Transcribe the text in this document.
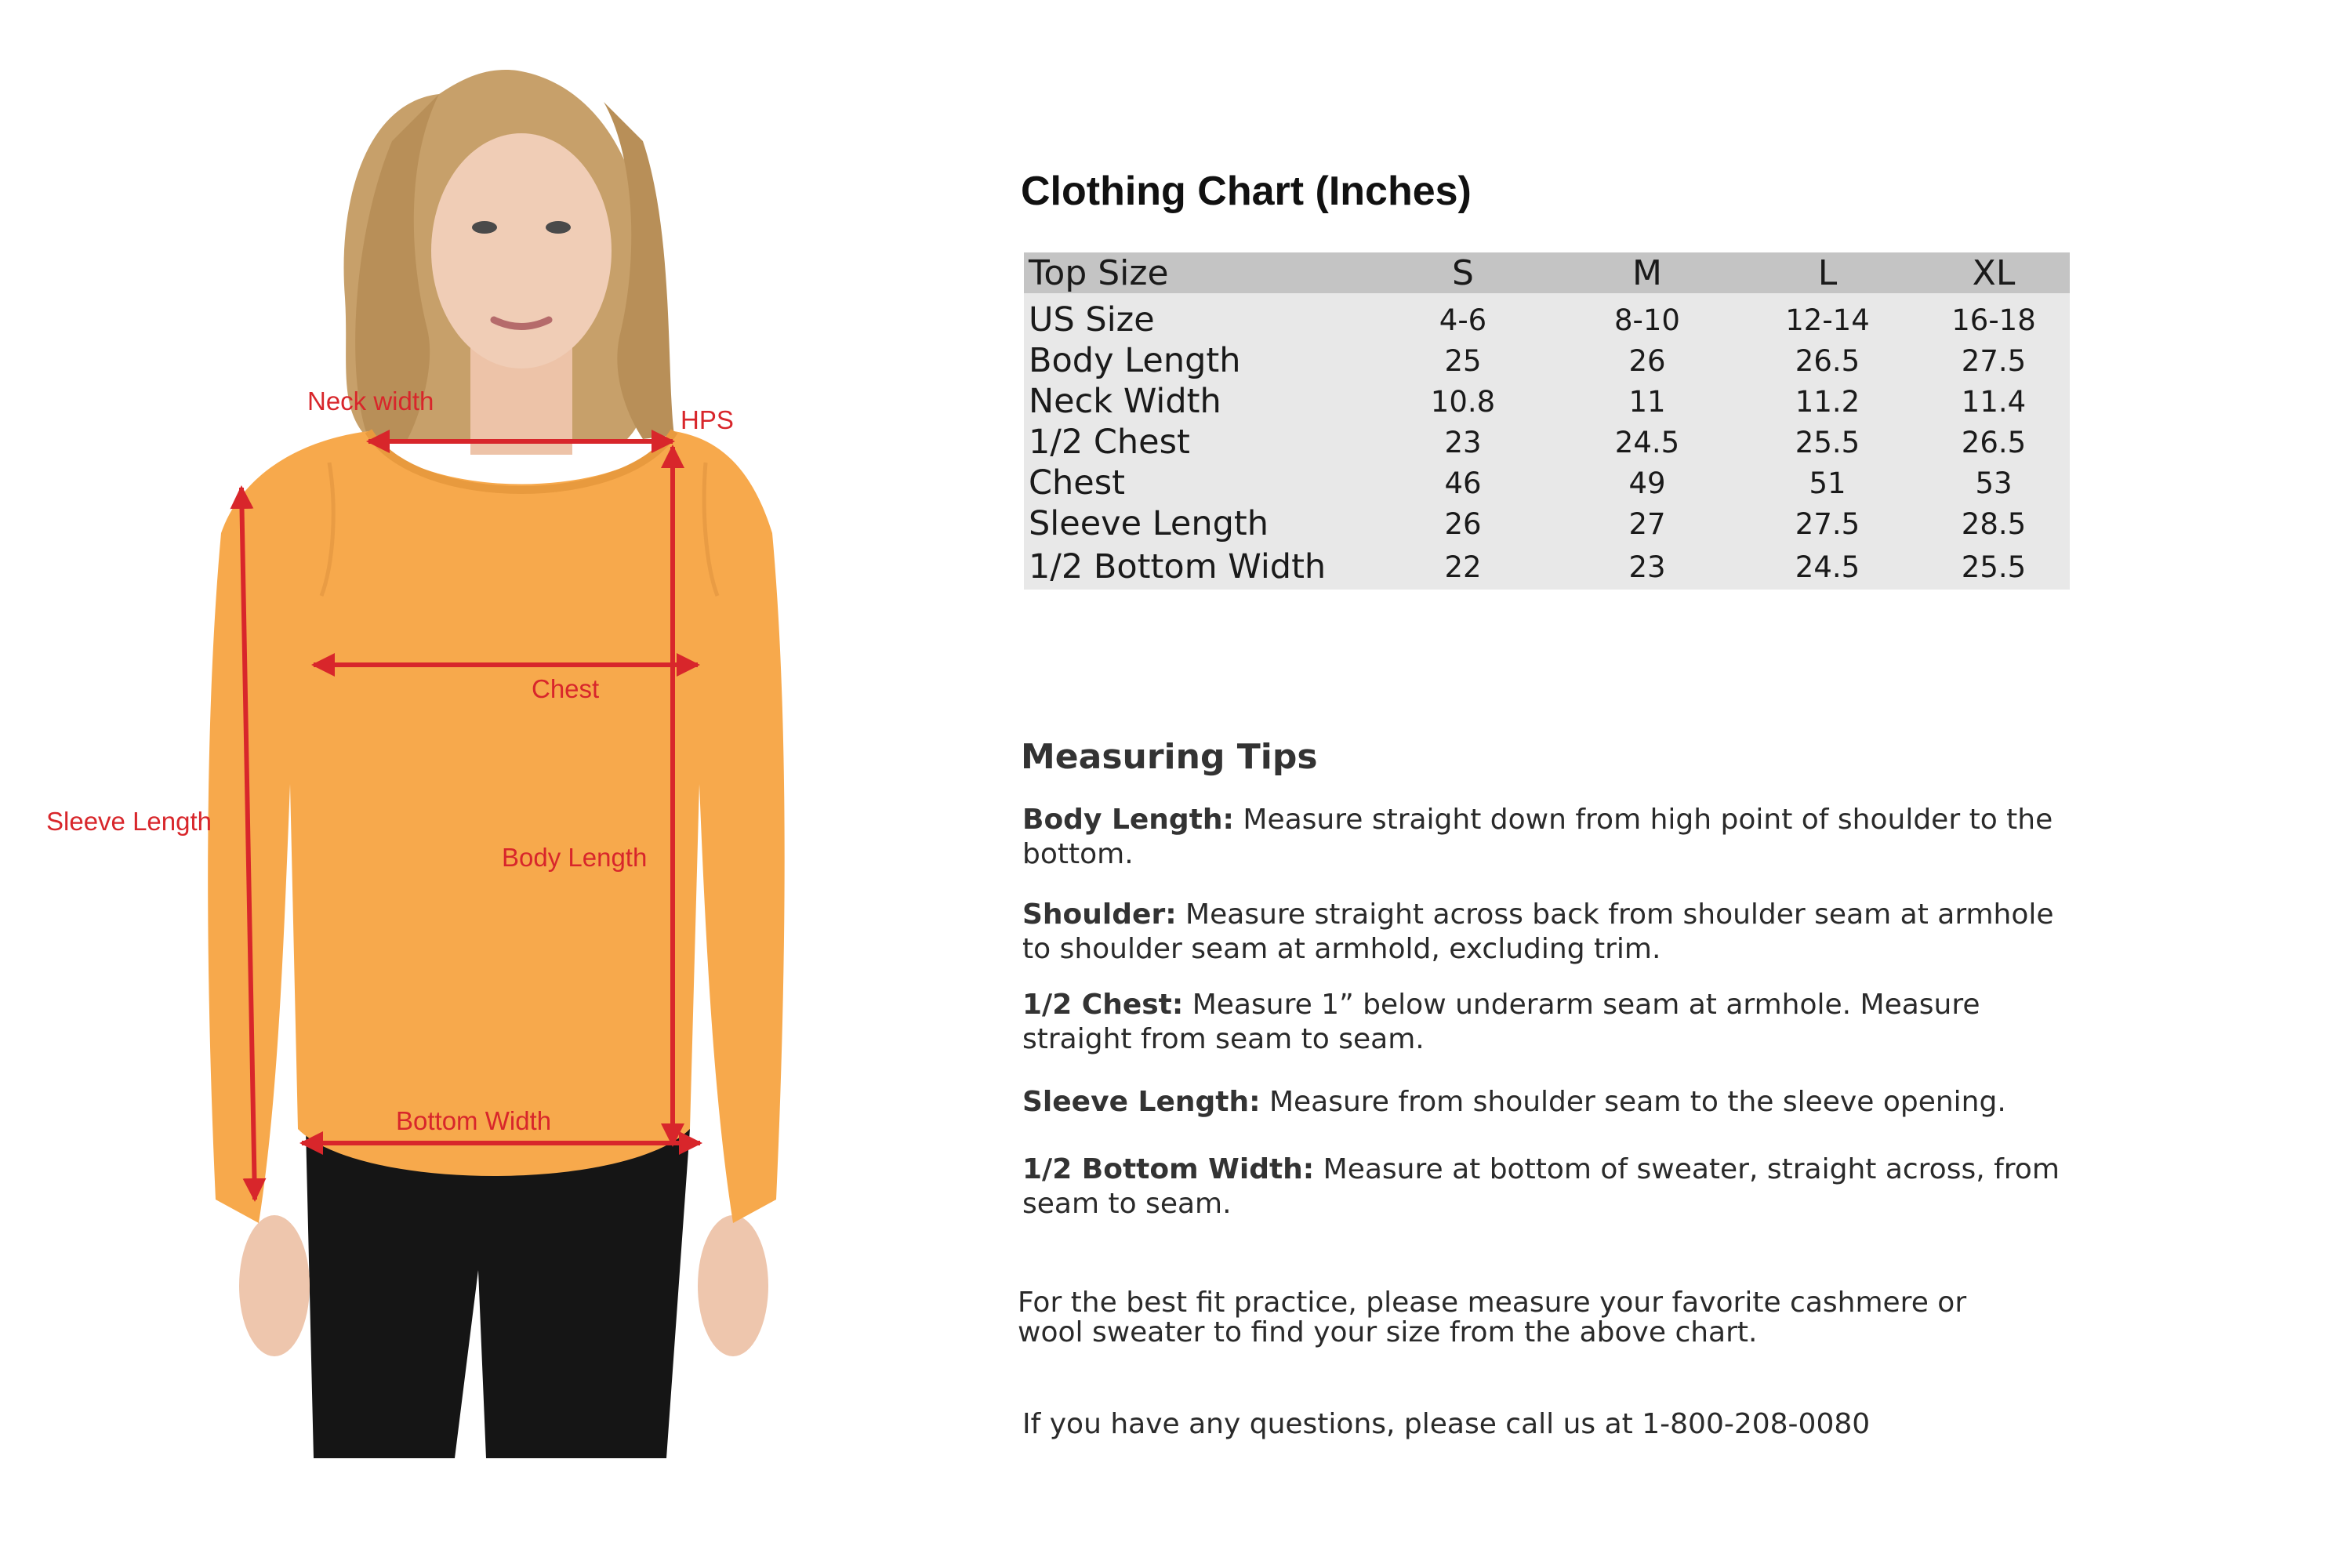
Neck width
HPS
Chest
Sleeve Length
Body Length
Bottom Width
Clothing Chart (Inches)
Top Size	S	M	L	XL
US Size	4-6	8-10	12-14	16-18
Body Length	25	26	26.5	27.5
Neck Width	10.8	11	11.2	11.4
1/2 Chest	23	24.5	25.5	26.5
Chest	46	49	51	53
Sleeve Length	26	27	27.5	28.5
1/2 Bottom Width	22	23	24.5	25.5
Measuring Tips
Body Length: Measure straight down from high point of shoulder to the bottom.
Shoulder: Measure straight across back from shoulder seam at armhole to shoulder seam at armhold, excluding trim.
1/2 Chest: Measure 1” below underarm seam at armhole. Measure straight from seam to seam.
Sleeve Length: Measure from shoulder seam to the sleeve opening.
1/2 Bottom Width: Measure at bottom of sweater, straight across, from seam to seam.
For the best fit practice, please measure your favorite cashmere or wool sweater to find your size from the above chart.
If you have any questions, please call us at 1-800-208-0080
